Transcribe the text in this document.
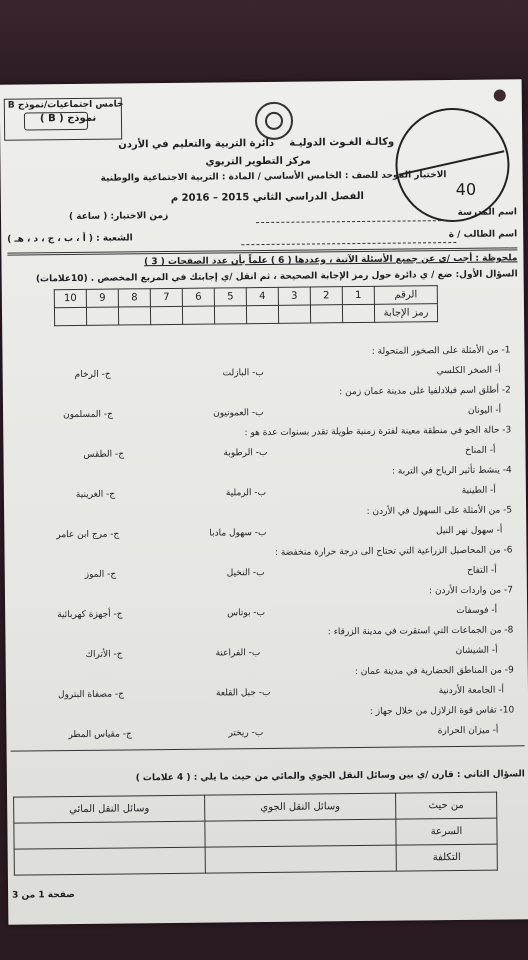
40
خامس اجتماعيات/نموذج B
نموذج ( B )
وكالـة الغـوث الدوليـة
دائرة التربية والتعليم في الأردن
مركز التطوير التربوي
الاختبار الموحد للصف : الخامس الأساسي / المادة : التربية الاجتماعية والوطنية
الفصل الدراسي الثاني 2015 – 2016 م
اسم المدرسة
زمن الاختبار: ( ساعة )
اسم الطالب / ة
الشعبة : ( أ ، ب ، ج ، د ، هـ )
ملحوظة : أجب /ي عن جميع الأسئلة الآتية ، وعددها ( 6 ) علماً بأن عدد الصفحات ( 3 )
السؤال الأول: ضع / ي دائرة حول رمز الإجابة الصحيحة ، ثم انقل /ي إجابتك في المربع المخصص . (10علامات)
الرقم	1	2	3	4	5	6	7	8	9	10
رمز الإجابة										
1- من الأمثلة على الصخور المتحولة :
أ- الصخر الكلسي
ب- البازلت
ج- الرخام
2- أطلق اسم فيلادلفيا على مدينة عمان زمن :
أ- اليونان
ب- العمونيون
ج- المسلمون
3- حالة الجو في منطقة معينة لفترة زمنية طويلة تقدر بسنوات عدة هو :
أ- المناخ
ب- الرطوبة
ج- الطقس
4- ينشط تأثير الرياح في التربة :
أ- الطينية
ب- الرملية
ج- الغرينية
5- من الأمثلة على السهول في الأردن :
أ- سهول نهر النيل
ب- سهول مادبا
ج- مرج ابن عامر
6- من المحاصيل الزراعية التي تحتاج الى درجة حرارة منخفضة :
أ- التفاح
ب- النخيل
ج- الموز
7- من واردات الأردن :
أ- فوسفات
ب- بوتاس
ج- أجهزة كهربائية
8- من الجماعات التي استقرت في مدينة الزرقاء :
أ- الشيشان
ب- الفراعنة
ج- الأتراك
9- من المناطق الحضارية في مدينة عمان :
أ- الجامعة الأردنية
ب- جبل القلعة
ج- مصفاة البترول
10- تقاس قوة الزلازل من خلال جهاز :
أ- ميزان الحرارة
ب- ريختر
ج- مقياس المطر
السؤال الثاني : قارن /ي بين وسائل النقل الجوي والمائي من حيث ما يلي : ( 4 علامات )
من حيث	وسائل النقل الجوي	وسائل النقل المائي
السرعة		
التكلفة		
صفحة 1 من 3
